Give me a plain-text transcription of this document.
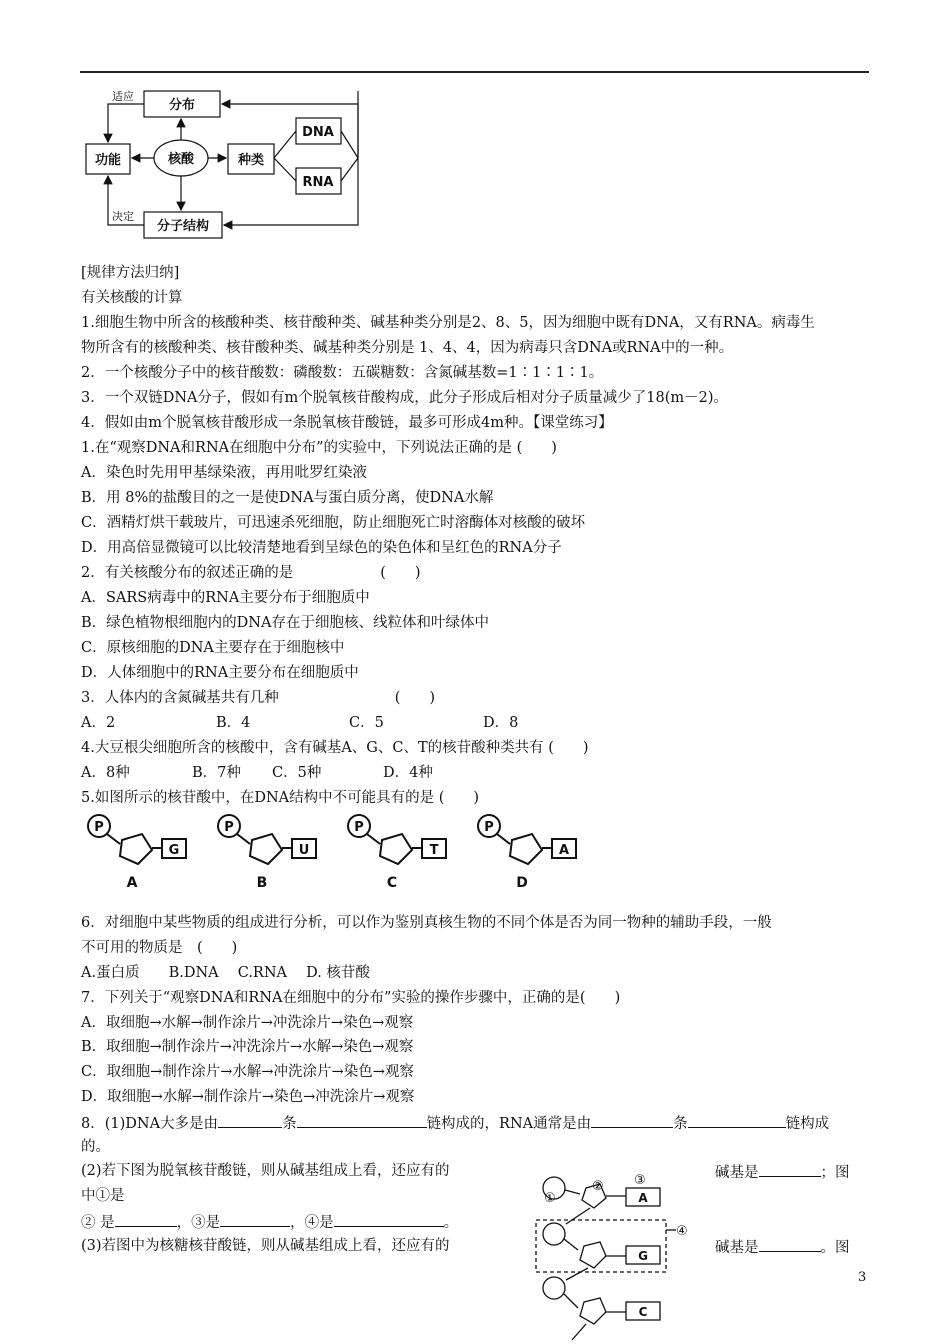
适应
分布
功能	核酸	种类
DNA
RNA
决定
分子结构
[规律方法归纳]
有关核酸的计算
1.细胞生物中所含的核酸种类、核苷酸种类、碱基种类分别是2、8、5，因为细胞中既有DNA，又有RNA。病毒生
物所含有的核酸种类、核苷酸种类、碱基种类分别是 1、4、4，因为病毒只含DNA或RNA中的一种。
2．一个核酸分子中的核苷酸数：磷酸数：五碳糖数：含氮碱基数=1∶1∶1∶1。
3．一个双链DNA分子，假如有m个脱氧核苷酸构成，此分子形成后相对分子质量减少了18(m－2)。
4．假如由m个脱氧核苷酸形成一条脱氧核苷酸链，最多可形成4m种。【课堂练习】
1.在“观察DNA和RNA在细胞中分布”的实验中，下列说法正确的是 (　　)
A．染色时先用甲基绿染液，再用吡罗红染液
B．用 8%的盐酸目的之一是使DNA与蛋白质分离，使DNA水解
C．酒精灯烘干载玻片，可迅速杀死细胞，防止细胞死亡时溶酶体对核酸的破坏
D．用高倍显微镜可以比较清楚地看到呈绿色的染色体和呈红色的RNA分子
2．有关核酸分布的叙述正确的是　　　　　　(　　)
A．SARS病毒中的RNA主要分布于细胞质中
B．绿色植物根细胞内的DNA存在于细胞核、线粒体和叶绿体中
C．原核细胞的DNA主要存在于细胞核中
D．人体细胞中的RNA主要分布在细胞质中
3．人体内的含氮碱基共有几种　　　　　　　　(　　)
A．2	B．4	C．5	D．8
4.大豆根尖细胞所含的核酸中，含有碱基A、G、C、T的核苷酸种类共有 (　　)
A．8种	B．7种 C．5种	D．4种
5.如图所示的核苷酸中，在DNA结构中不可能具有的是 (　　)
P
G
A
P
U
B
P
T
C
P
A
D
6．对细胞中某些物质的组成进行分析，可以作为鉴别真核生物的不同个体是否为同一物种的辅助手段，一般
不可用的物质是　(　　)
A.蛋白质　　B.DNA　 C.RNA　 D. 核苷酸
7．下列关于“观察DNA和RNA在细胞中的分布”实验的操作步骤中，正确的是(　　)
A．取细胞→水解→制作涂片→冲洗涂片→染色→观察
B．取细胞→制作涂片→冲洗涂片→水解→染色→观察
C．取细胞→制作涂片→水解→冲洗涂片→染色→观察
D．取细胞→水解→制作涂片→染色→冲洗涂片→观察
8．(1)DNA大多是由	条	链构成的，RNA通常是由	条	链构成
的。
(2)若下图为脱氧核苷酸链，则从碱基组成上看，还应有的	碱基是	；图
中①是
② 是	，③是	，④是	。
(3)若图中为核糖核苷酸链，则从碱基组成上看，还应有的	碱基是	。图
①
② ③
④
A
G
C
3
